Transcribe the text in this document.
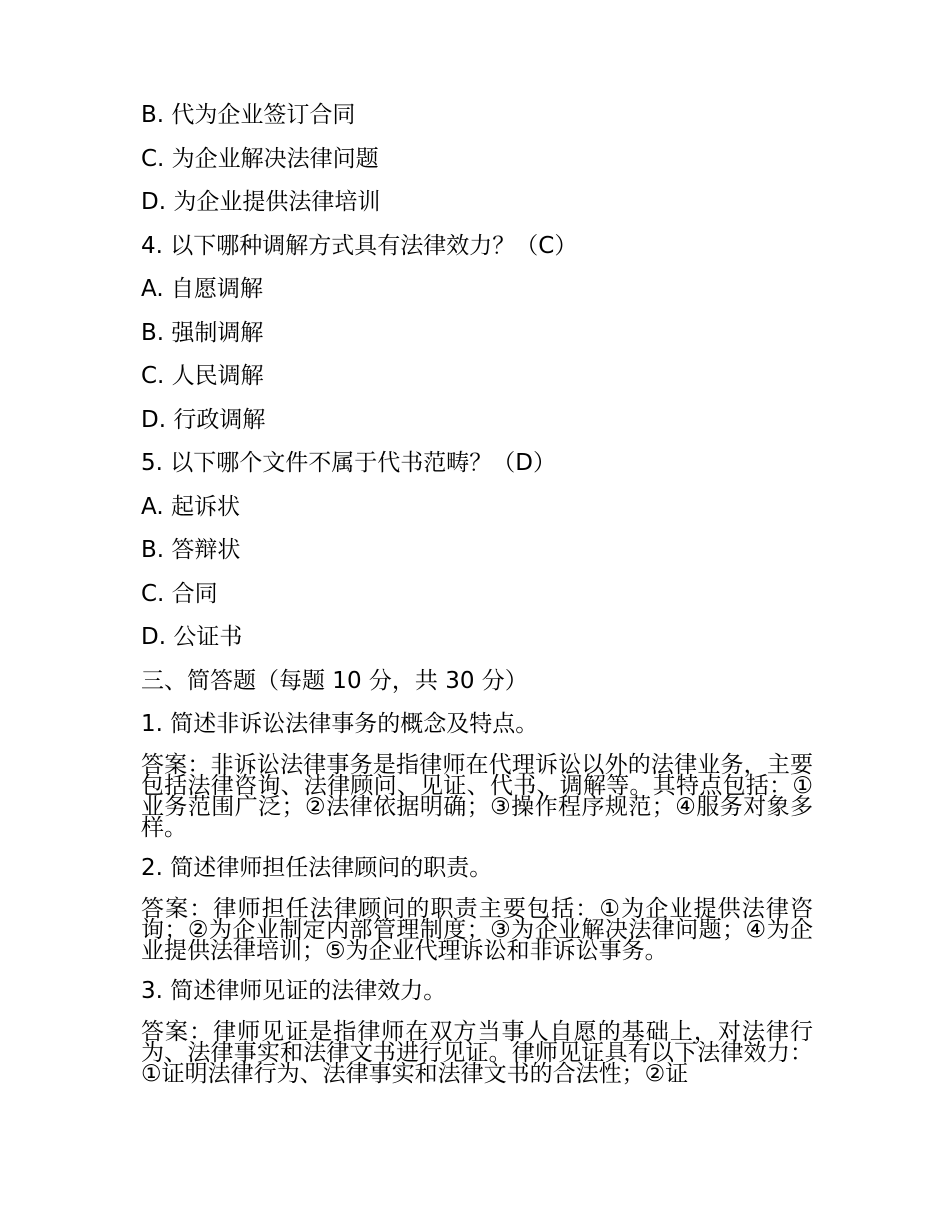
B. 代为企业签订合同
C. 为企业解决法律问题
D. 为企业提供法律培训
4. 以下哪种调解方式具有法律效力？（C）
A. 自愿调解
B. 强制调解
C. 人民调解
D. 行政调解
5. 以下哪个文件不属于代书范畴？（D）
A. 起诉状
B. 答辩状
C. 合同
D. 公证书
三、简答题（每题 10 分，共 30 分）
1. 简述非诉讼法律事务的概念及特点。
答案：非诉讼法律事务是指律师在代理诉讼以外的法律业务，主要包括法律咨询、法律顾问、见证、代书、调解等。其特点包括：①业务范围广泛；②法律依据明确；③操作程序规范；④服务对象多样。
2. 简述律师担任法律顾问的职责。
答案：律师担任法律顾问的职责主要包括：①为企业提供法律咨询；②为企业制定内部管理制度；③为企业解决法律问题；④为企业提供法律培训；⑤为企业代理诉讼和非诉讼事务。
3. 简述律师见证的法律效力。
答案：律师见证是指律师在双方当事人自愿的基础上，对法律行为、法律事实和法律文书进行见证。律师见证具有以下法律效力：①证明法律行为、法律事实和法律文书的合法性；②证
